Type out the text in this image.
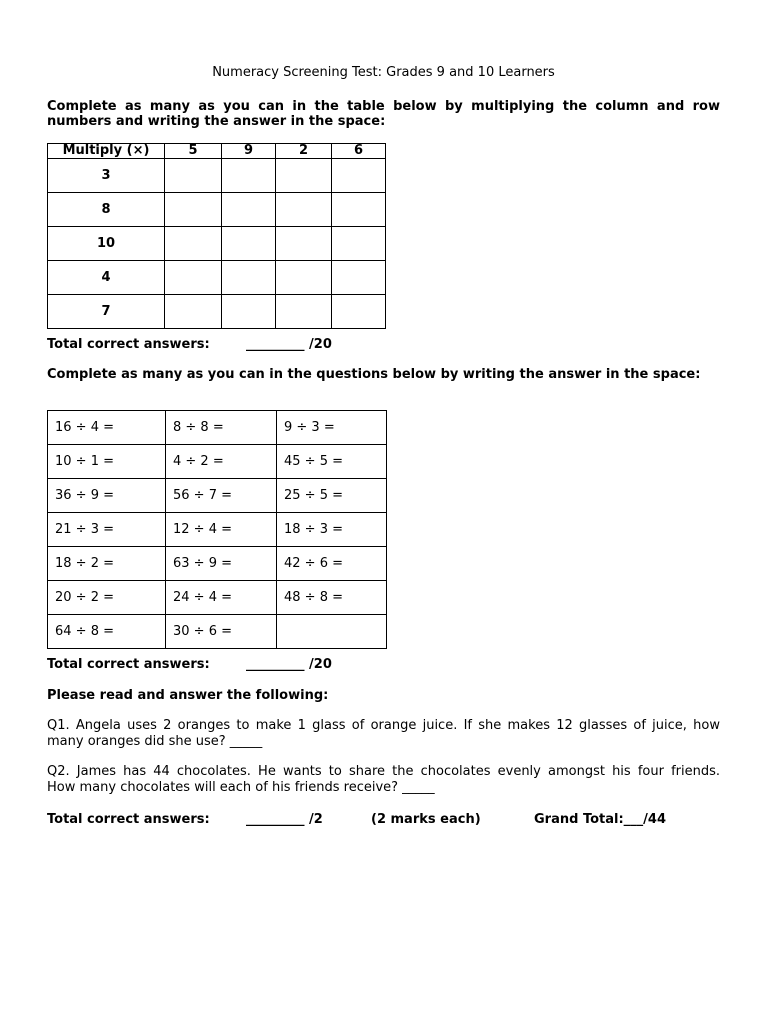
Numeracy Screening Test: Grades 9 and 10 Learners
Complete as many as you can in the table below by multiplying the column and row numbers and writing the answer in the space:
Multiply (×)	5	9	2	6
3				
8				
10				
4				
7				
Total correct answers:	_________ /20
Complete as many as you can in the questions below by writing the answer in the space:
16 ÷ 4 =	8 ÷ 8 =	9 ÷ 3 =
10 ÷ 1 =	4 ÷ 2 =	45 ÷ 5 =
36 ÷ 9 =	56 ÷ 7 =	25 ÷ 5 =
21 ÷ 3 =	12 ÷ 4 =	18 ÷ 3 =
18 ÷ 2 =	63 ÷ 9 =	42 ÷ 6 =
20 ÷ 2 =	24 ÷ 4 =	48 ÷ 8 =
64 ÷ 8 =	30 ÷ 6 =	
Total correct answers:	_________ /20
Please read and answer the following:
Q1. Angela uses 2 oranges to make 1 glass of orange juice. If she makes 12 glasses of juice, how
many oranges did she use? _____
Q2. James has 44 chocolates. He wants to share the chocolates evenly amongst his four friends.
How many chocolates will each of his friends receive? _____
Total correct answers:	_________ /2	(2 marks each)	Grand Total:___/44
